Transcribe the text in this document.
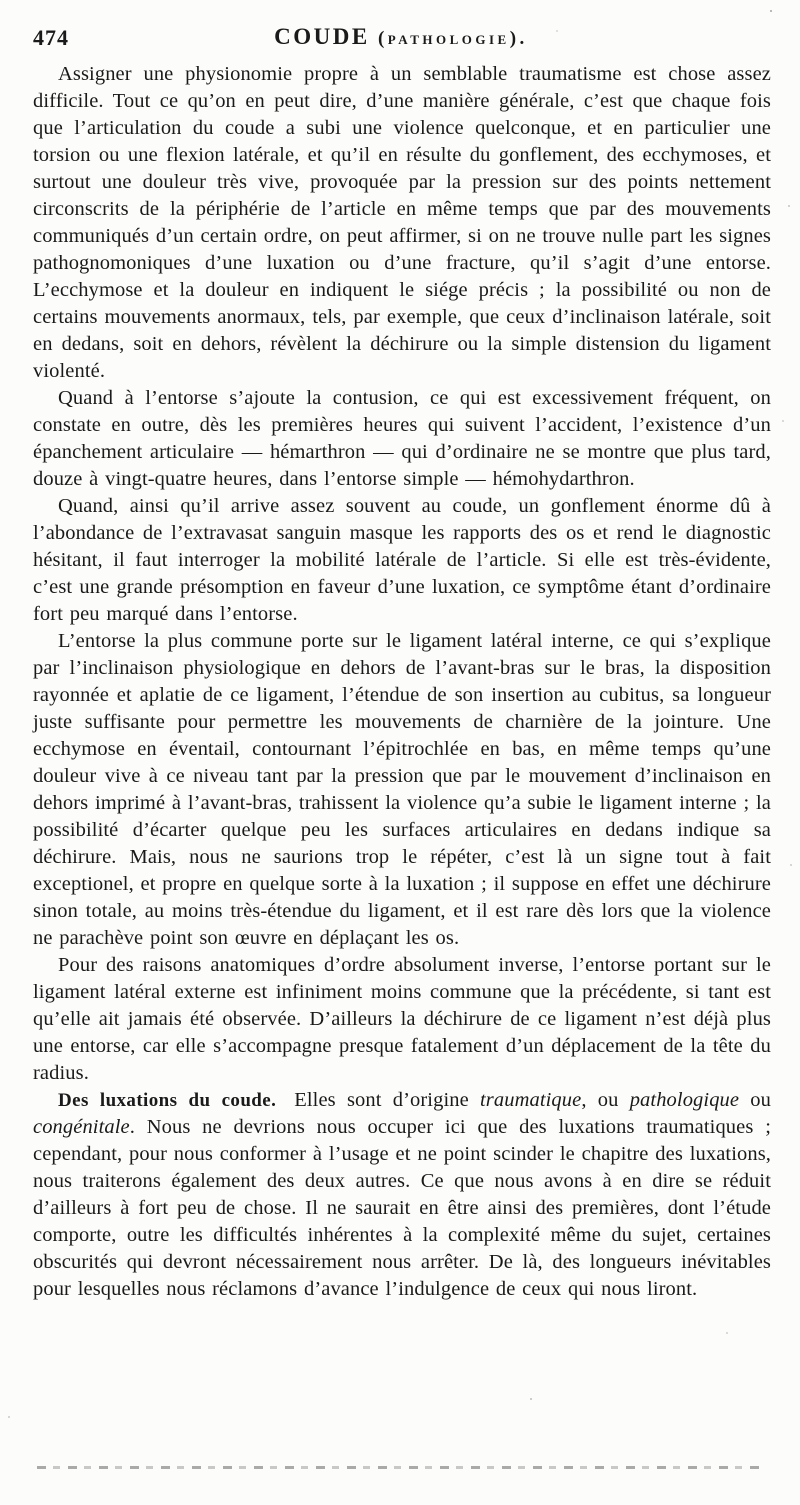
474	COUDE (pathologie).

Assigner une physionomie propre à un semblable traumatisme est chose assez difficile. Tout ce qu’on en peut dire, d’une manière générale, c’est que chaque fois que l’articulation du coude a subi une violence quelconque, et en particulier une torsion ou une flexion latérale, et qu’il en résulte du gonflement, des ecchymoses, et surtout une douleur très vive, provoquée par la pression sur des points nettement circonscrits de la périphérie de l’article en même temps que par des mouvements communiqués d’un certain ordre, on peut affirmer, si on ne trouve nulle part les signes pathognomoniques d’une luxation ou d’une fracture, qu’il s’agit d’une entorse. L’ecchymose et la douleur en indiquent le siége précis ; la possibilité ou non de certains mouvements anormaux, tels, par exemple, que ceux d’inclinaison latérale, soit en dedans, soit en dehors, révèlent la déchirure ou la simple distension du ligament violenté.

Quand à l’entorse s’ajoute la contusion, ce qui est excessivement fréquent, on constate en outre, dès les premières heures qui suivent l’accident, l’existence d’un épanchement articulaire — hémarthron — qui d’ordinaire ne se montre que plus tard, douze à vingt-quatre heures, dans l’entorse simple — hémohydarthron.

Quand, ainsi qu’il arrive assez souvent au coude, un gonflement énorme dû à l’abondance de l’extravasat sanguin masque les rapports des os et rend le diagnostic hésitant, il faut interroger la mobilité latérale de l’article. Si elle est très-évidente, c’est une grande présomption en faveur d’une luxation, ce symptôme étant d’ordinaire fort peu marqué dans l’entorse.

L’entorse la plus commune porte sur le ligament latéral interne, ce qui s’explique par l’inclinaison physiologique en dehors de l’avant-bras sur le bras, la disposition rayonnée et aplatie de ce ligament, l’étendue de son insertion au cubitus, sa longueur juste suffisante pour permettre les mouvements de charnière de la jointure. Une ecchymose en éventail, contournant l’épitrochlée en bas, en même temps qu’une douleur vive à ce niveau tant par la pression que par le mouvement d’inclinaison en dehors imprimé à l’avant-bras, trahissent la violence qu’a subie le ligament interne ; la possibilité d’écarter quelque peu les surfaces articulaires en dedans indique sa déchirure. Mais, nous ne saurions trop le répéter, c’est là un signe tout à fait exceptionel, et propre en quelque sorte à la luxation ; il suppose en effet une déchirure sinon totale, au moins très-étendue du ligament, et il est rare dès lors que la violence ne parachève point son œuvre en déplaçant les os.

Pour des raisons anatomiques d’ordre absolument inverse, l’entorse portant sur le ligament latéral externe est infiniment moins commune que la précédente, si tant est qu’elle ait jamais été observée. D’ailleurs la déchirure de ce ligament n’est déjà plus une entorse, car elle s’accompagne presque fatalement d’un déplacement de la tête du radius.

Des luxations du coude. Elles sont d’origine traumatique, ou pathologique ou congénitale. Nous ne devrions nous occuper ici que des luxations traumatiques ; cependant, pour nous conformer à l’usage et ne point scinder le chapitre des luxations, nous traiterons également des deux autres. Ce que nous avons à en dire se réduit d’ailleurs à fort peu de chose. Il ne saurait en être ainsi des premières, dont l’étude comporte, outre les difficultés inhérentes à la complexité même du sujet, certaines obscurités qui devront nécessairement nous arrêter. De là, des longueurs inévitables pour lesquelles nous réclamons d’avance l’indulgence de ceux qui nous liront.
